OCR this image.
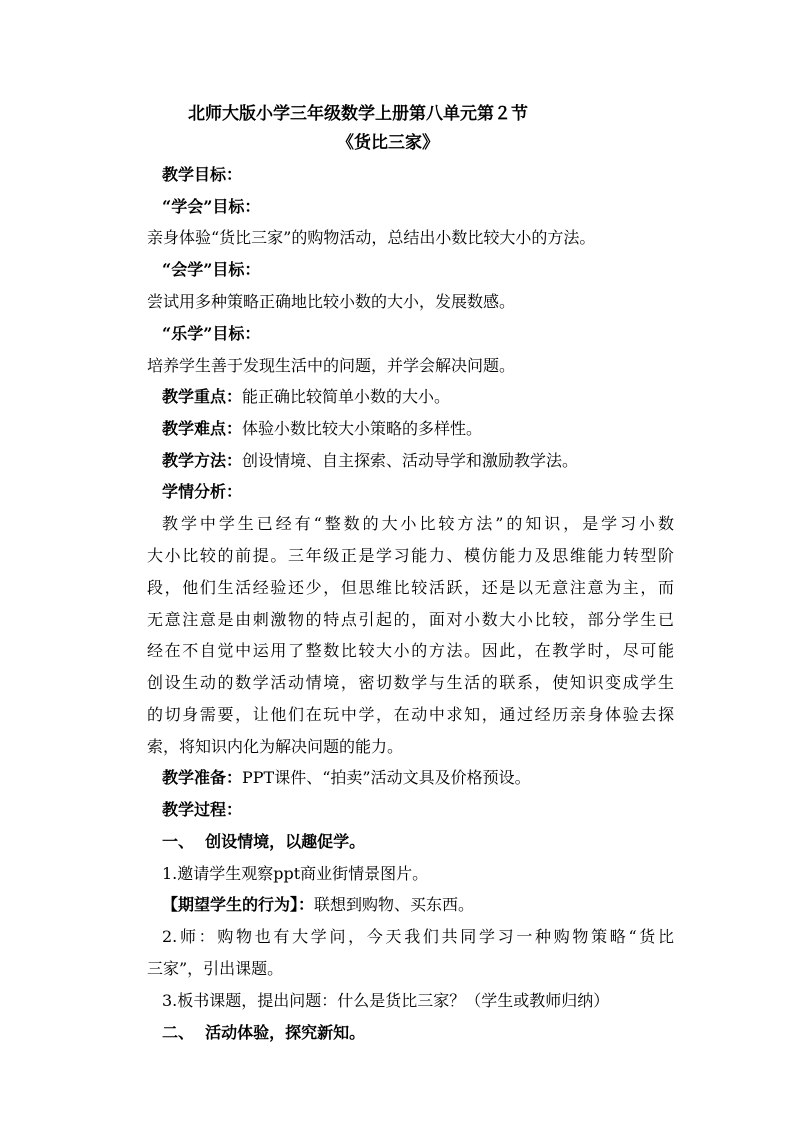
北师大版小学三年级数学上册第八单元第２节
《货比三家》
教学目标：
“学会”目标：
亲身体验“货比三家”的购物活动，总结出小数比较大小的方法。
“会学”目标：
尝试用多种策略正确地比较小数的大小，发展数感。
“乐学”目标：
培养学生善于发现生活中的问题，并学会解决问题。
教学重点：能正确比较简单小数的大小。
教学难点：体验小数比较大小策略的多样性。
教学方法：创设情境、自主探索、活动导学和激励教学法。
学情分析：
教学中学生已经有“整数的大小比较方法”的知识，是学习小数
大小比较的前提。三年级正是学习能力、模仿能力及思维能力转型阶
段，他们生活经验还少，但思维比较活跃，还是以无意注意为主，而
无意注意是由刺激物的特点引起的，面对小数大小比较，部分学生已
经在不自觉中运用了整数比较大小的方法。因此，在教学时，尽可能
创设生动的数学活动情境，密切数学与生活的联系，使知识变成学生
的切身需要，让他们在玩中学，在动中求知，通过经历亲身体验去探
索，将知识内化为解决问题的能力。
教学准备：PPT课件、“拍卖”活动文具及价格预设。
教学过程：
一、  创设情境，以趣促学。
1.邀请学生观察ppt商业街情景图片。
【期望学生的行为】：联想到购物、买东西。
2.师：购物也有大学问，今天我们共同学习一种购物策略“货比
三家”，引出课题。
3.板书课题，提出问题：什么是货比三家？（学生或教师归纳）
二、  活动体验，探究新知。
